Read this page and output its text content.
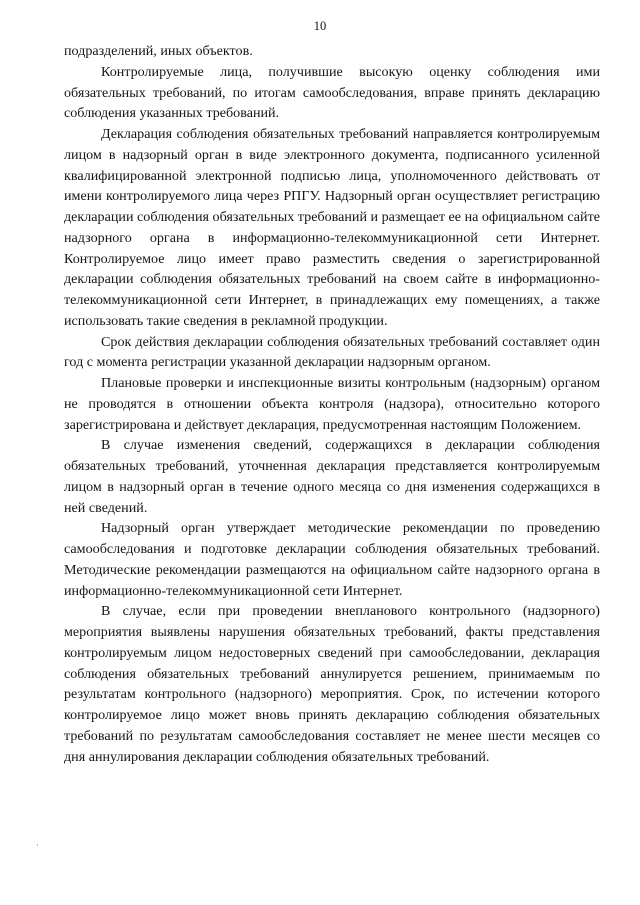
10

подразделений, иных объектов.

Контролируемые лица, получившие высокую оценку соблюдения ими обязательных требований, по итогам самообследования, вправе принять декларацию соблюдения указанных требований.

Декларация соблюдения обязательных требований направляется контролируемым лицом в надзорный орган в виде электронного документа, подписанного усиленной квалифицированной электронной подписью лица, уполномоченного действовать от имени контролируемого лица через РПГУ. Надзорный орган осуществляет регистрацию декларации соблюдения обязательных требований и размещает ее на официальном сайте надзорного органа в информационно-телекоммуникационной сети Интернет. Контролируемое лицо имеет право разместить сведения о зарегистрированной декларации соблюдения обязательных требований на своем сайте в информационно-телекоммуникационной сети Интернет, в принадлежащих ему помещениях, а также использовать такие сведения в рекламной продукции.

Срок действия декларации соблюдения обязательных требований составляет один год с момента регистрации указанной декларации надзорным органом.

Плановые проверки и инспекционные визиты контрольным (надзорным) органом не проводятся в отношении объекта контроля (надзора), относительно которого зарегистрирована и действует декларация, предусмотренная настоящим Положением.

В случае изменения сведений, содержащихся в декларации соблюдения обязательных требований, уточненная декларация представляется контролируемым лицом в надзорный орган в течение одного месяца со дня изменения содержащихся в ней сведений.

Надзорный орган утверждает методические рекомендации по проведению самообследования и подготовке декларации соблюдения обязательных требований. Методические рекомендации размещаются на официальном сайте надзорного органа в информационно-телекоммуникационной сети Интернет.

В случае, если при проведении внепланового контрольного (надзорного) мероприятия выявлены нарушения обязательных требований, факты представления контролируемым лицом недостоверных сведений при самообследовании, декларация соблюдения обязательных требований аннулируется решением, принимаемым по результатам контрольного (надзорного) мероприятия. Срок, по истечении которого контролируемое лицо может вновь принять декларацию соблюдения обязательных требований по результатам самообследования составляет не менее шести месяцев со дня аннулирования декларации соблюдения обязательных требований.
